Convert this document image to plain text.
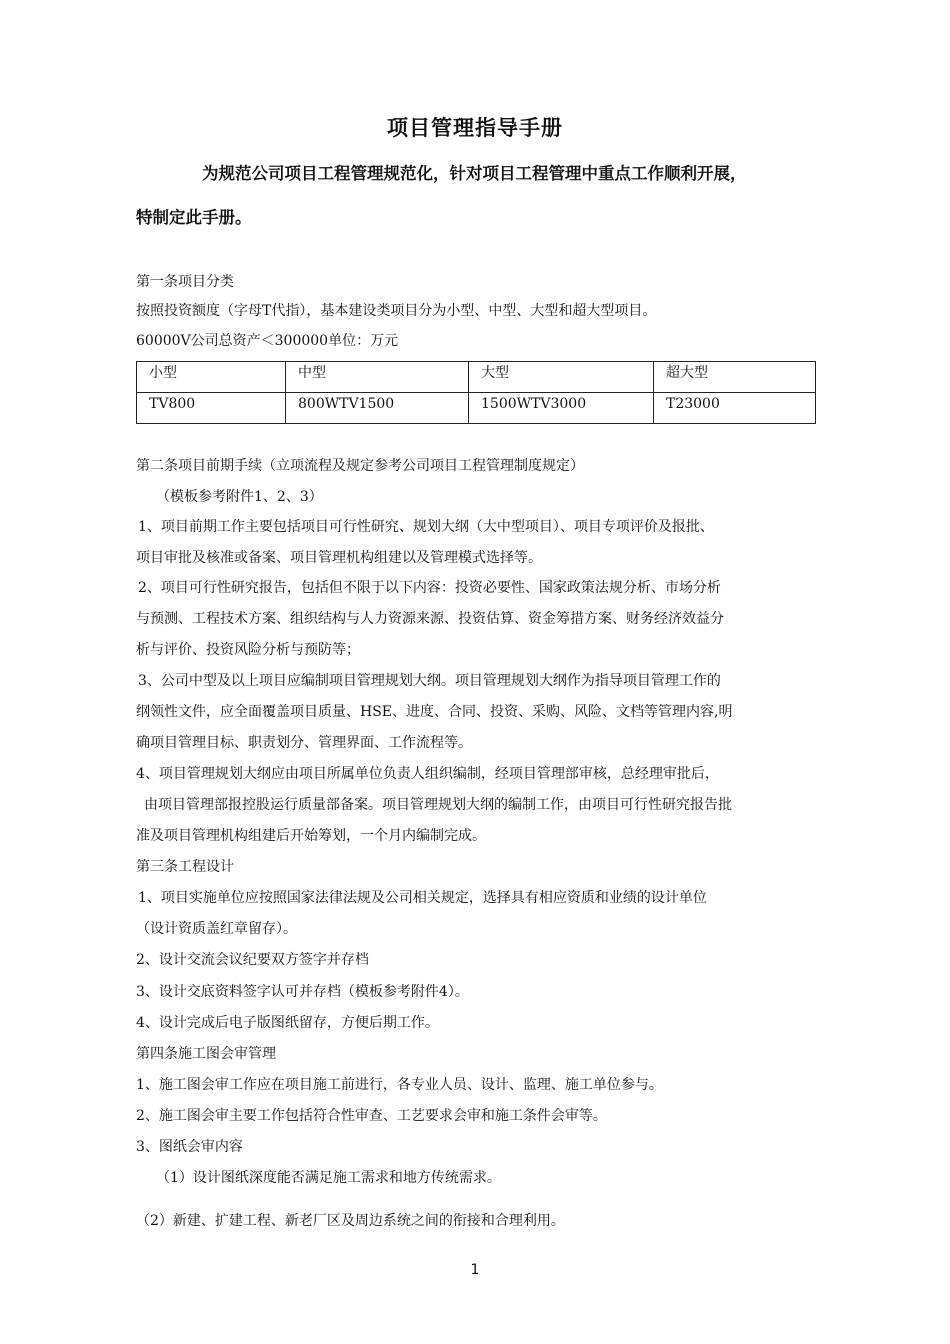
项目管理指导手册
为规范公司项目工程管理规范化，针对项目工程管理中重点工作顺利开展，
特制定此手册。
第一条项目分类
按照投资额度（字母T代指），基本建设类项目分为小型、中型、大型和超大型项目。
60000V公司总资产＜300000单位：万元
小型	中型	大型	超大型
TV800	800WTV1500	1500WTV3000	T23000
第二条项目前期手续（立项流程及规定参考公司项目工程管理制度规定）
（模板参考附件1、2、3）
1、项目前期工作主要包括项目可行性研究、规划大纲（大中型项目）、项目专项评价及报批、
项目审批及核准或备案、项目管理机构组建以及管理模式选择等。
2、项目可行性研究报告，包括但不限于以下内容：投资必要性、国家政策法规分析、市场分析
与预测、工程技术方案、组织结构与人力资源来源、投资估算、资金筹措方案、财务经济效益分
析与评价、投资风险分析与预防等；
3、公司中型及以上项目应编制项目管理规划大纲。项目管理规划大纲作为指导项目管理工作的
纲领性文件，应全面覆盖项目质量、HSE、进度、合同、投资、采购、风险、文档等管理内容,明
确项目管理目标、职责划分、管理界面、工作流程等。
4、项目管理规划大纲应由项目所属单位负责人组织编制，经项目管理部审核，总经理审批后，
由项目管理部报控股运行质量部备案。项目管理规划大纲的编制工作，由项目可行性研究报告批
准及项目管理机构组建后开始筹划，一个月内编制完成。
第三条工程设计
1、项目实施单位应按照国家法律法规及公司相关规定，选择具有相应资质和业绩的设计单位
（设计资质盖红章留存）。
2、设计交流会议纪要双方签字并存档
3、设计交底资料签字认可并存档（模板参考附件4）。
4、设计完成后电子版图纸留存，方便后期工作。
第四条施工图会审管理
1、施工图会审工作应在项目施工前进行，各专业人员、设计、监理、施工单位参与。
2、施工图会审主要工作包括符合性审查、工艺要求会审和施工条件会审等。
3、图纸会审内容
（1）设计图纸深度能否满足施工需求和地方传统需求。
（2）新建、扩建工程、新老厂区及周边系统之间的衔接和合理利用。
1
